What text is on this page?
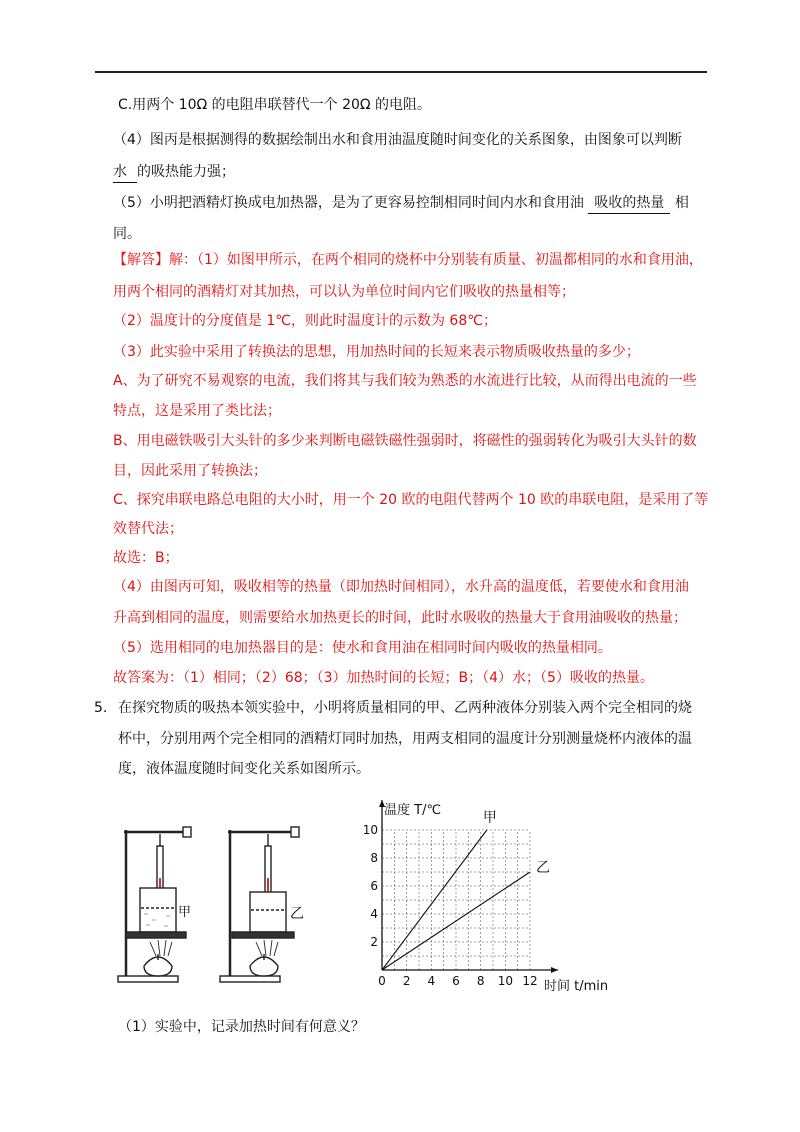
C.用两个 10Ω 的电阻串联替代一个 20Ω 的电阻。
（4）图丙是根据测得的数据绘制出水和食用油温度随时间变化的关系图象，由图象可以判断
水 的吸热能力强；
（5）小明把酒精灯换成电加热器，是为了更容易控制相同时间内水和食用油 吸收的热量 相
同。
【解答】解：（1）如图甲所示，在两个相同的烧杯中分别装有质量、初温都相同的水和食用油，
用两个相同的酒精灯对其加热，可以认为单位时间内它们吸收的热量相等；
（2）温度计的分度值是 1℃，则此时温度计的示数为 68℃；
（3）此实验中采用了转换法的思想，用加热时间的长短来表示物质吸收热量的多少；
A、为了研究不易观察的电流，我们将其与我们较为熟悉的水流进行比较，从而得出电流的一些
特点，这是采用了类比法；
B、用电磁铁吸引大头针的多少来判断电磁铁磁性强弱时，将磁性的强弱转化为吸引大头针的数
目，因此采用了转换法；
C、探究串联电路总电阻的大小时，用一个 20 欧的电阻代替两个 10 欧的串联电阻，是采用了等
效替代法；
故选：B；
（4）由图丙可知，吸收相等的热量（即加热时间相同），水升高的温度低，若要使水和食用油
升高到相同的温度，则需要给水加热更长的时间，此时水吸收的热量大于食用油吸收的热量；
（5）选用相同的电加热器目的是：使水和食用油在相同时间内吸收的热量相同。
故答案为：（1）相同；（2）68；（3）加热时间的长短；B；（4）水；（5）吸收的热量。
5. 在探究物质的吸热本领实验中，小明将质量相同的甲、乙两种液体分别装入两个完全相同的烧
杯中，分别用两个完全相同的酒精灯同时加热，用两支相同的温度计分别测量烧杯内液体的温
度，液体温度随时间变化关系如图所示。
（1）实验中，记录加热时间有何意义？
甲	乙
0 2 4 6 8 10 12
2
4
6
8
10
温度 T/℃
时间 t/min
甲
乙
